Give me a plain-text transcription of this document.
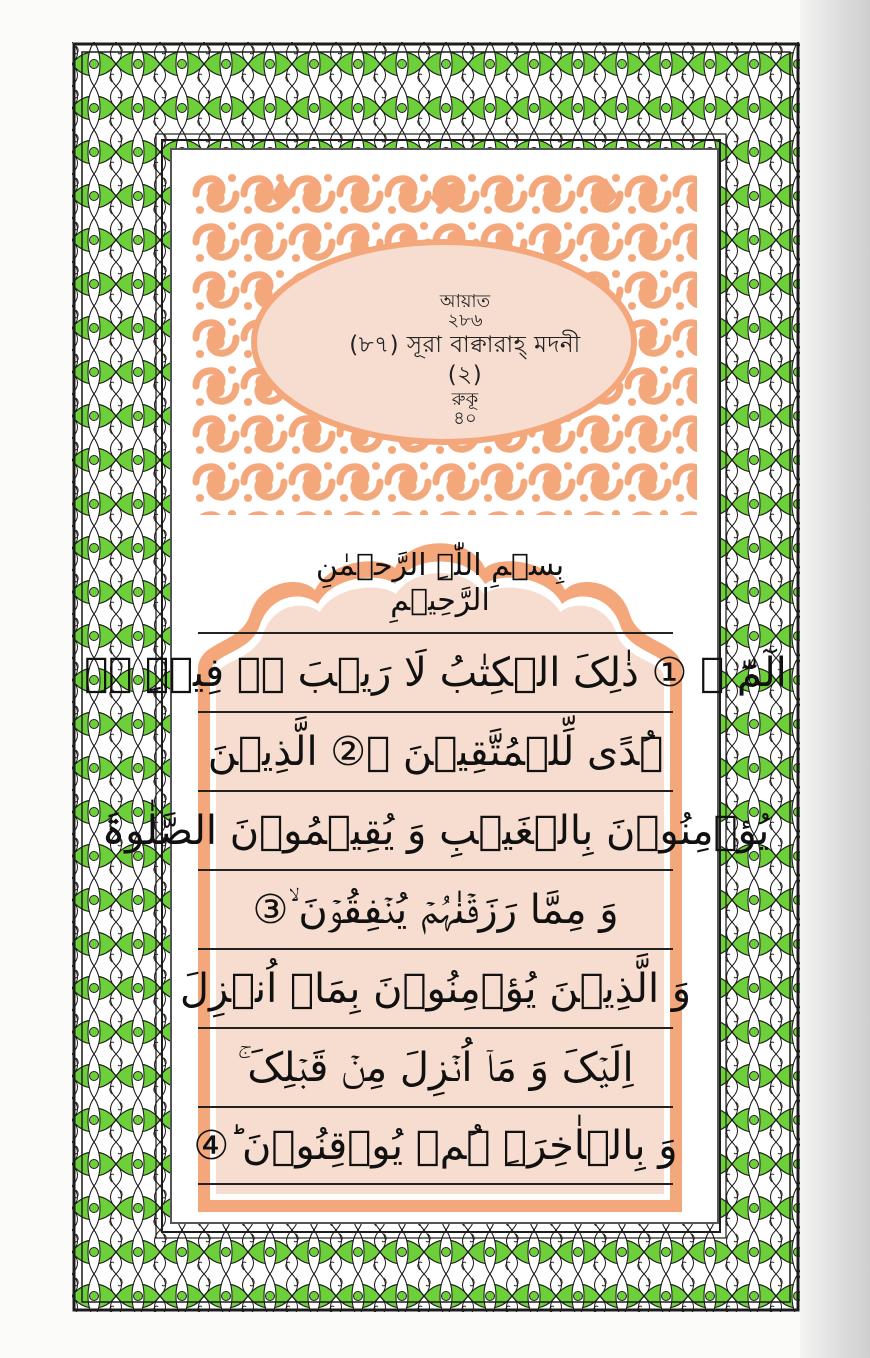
আয়াত
২৮৬
(৮৭) সূরা বাক্বারাহ্ মদনী (২)
রুকূ
৪০
بِسۡمِ اللّٰہِ الرَّحۡمٰنِ الرَّحِیۡمِ
الٓمّٓ ۚ ① ذٰلِکَ الۡکِتٰبُ لَا رَیۡبَ ۚۛ فِیۡہِ ۚۛ
ہُدًی لِّلۡمُتَّقِیۡنَ ۙ② الَّذِیۡنَ
یُؤۡمِنُوۡنَ بِالۡغَیۡبِ وَ یُقِیۡمُوۡنَ الصَّلٰوۃَ
وَ مِمَّا رَزَقۡنٰہُمۡ یُنۡفِقُوۡنَ ۙ③
وَ الَّذِیۡنَ یُؤۡمِنُوۡنَ بِمَاۤ اُنۡزِلَ
اِلَیۡکَ وَ مَاۤ اُنۡزِلَ مِنۡ قَبۡلِکَ ۚ
وَ بِالۡاٰخِرَۃِ ہُمۡ یُوۡقِنُوۡنَ ؕ④
